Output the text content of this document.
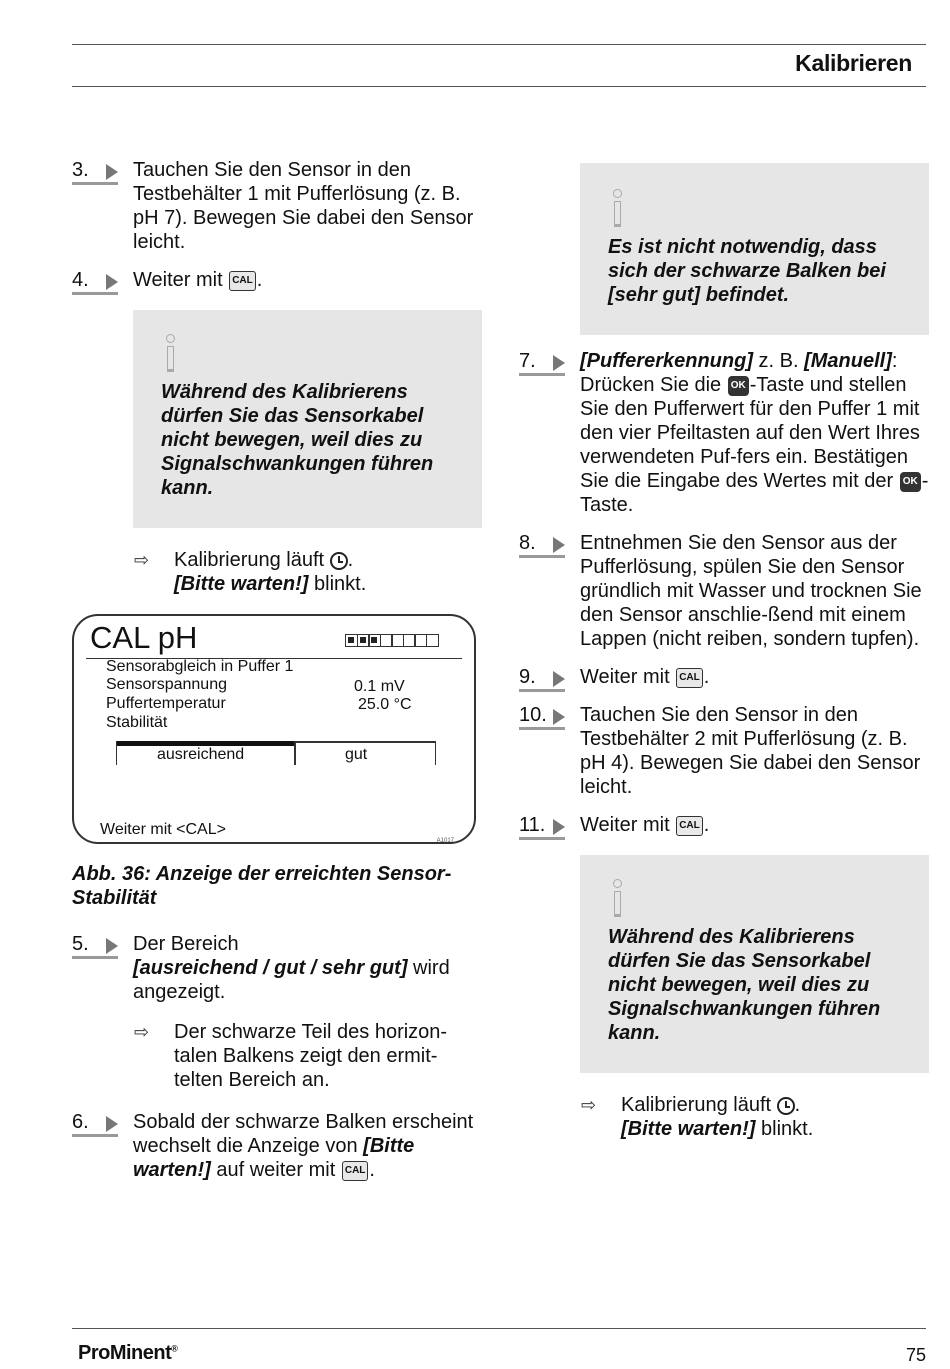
Kalibrieren
3.	Tauchen Sie den Sensor in den Testbehälter 1 mit Pufferlösung (z. B. pH 7). Bewegen Sie dabei den Sensor leicht.
4.	Weiter mit CAL .
Während des Kalibrierens dürfen Sie das Sensorkabel nicht bewegen, weil dies zu Signalschwankungen führen kann.
⇨ Kalibrierung läuft .
[Bitte warten!] blinkt.
CAL pH
Sensorabgleich in Puffer 1
Sensorspannung	0.1 mV
Puffertemperatur	25.0 °C
Stabilität
ausreichend	gut
Weiter mit <CAL>
A1017
Abb. 36: Anzeige der erreichten Sensor-Stabilität
5.	Der Bereich
[ausreichend / gut / sehr gut] wird angezeigt.
⇨ Der schwarze Teil des horizon-talen Balkens zeigt den ermit-telten Bereich an.
6.	Sobald der schwarze Balken erscheint wechselt die Anzeige von [Bitte warten!] auf weiter mit CAL .
Es ist nicht notwendig, dass sich der schwarze Balken bei [sehr gut] befindet.
7.	[Puffererkennung] z. B. [Manuell]: Drücken Sie die OK -Taste und stellen Sie den Pufferwert für den Puffer 1 mit den vier Pfeiltasten auf den Wert Ihres verwendeten Puf-fers ein. Bestätigen Sie die Eingabe des Wertes mit der OK -Taste.
8.	Entnehmen Sie den Sensor aus der Pufferlösung, spülen Sie den Sensor gründlich mit Wasser und trocknen Sie den Sensor anschlie-ßend mit einem Lappen (nicht reiben, sondern tupfen).
9.	Weiter mit CAL .
10.	Tauchen Sie den Sensor in den Testbehälter 2 mit Pufferlösung (z. B. pH 4). Bewegen Sie dabei den Sensor leicht.
11.	Weiter mit CAL .
Während des Kalibrierens dürfen Sie das Sensorkabel nicht bewegen, weil dies zu Signalschwankungen führen kann.
⇨ Kalibrierung läuft .
[Bitte warten!] blinkt.
ProMinent®	75
